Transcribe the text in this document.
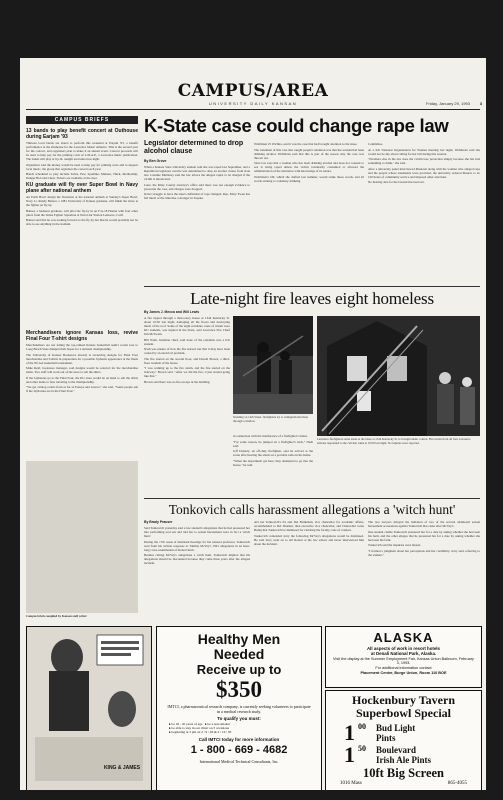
CAMPUS/AREA
UNIVERSITY DAILY KANSAN	Friday, January 29, 1993 3
CAMPUS BRIEFS
13 bands to play benefit concert at Outhouse during Earjam '93

Thirteen local bands are slated to perform this weekend at Earjam '93, a benefit performance at the Outhouse for the Lawrence Music Alliance. This is the second year for the concert, and organizers plan to make it an annual event. Concert proceeds will be used to help pay for the printing costs of L.M.A.P., a Lawrence music publication. The bands will play at 9 p.m. tonight and tomorrow night.

Organizers said the money would be used to help pay for printing costs and to support local music, the group that organizes the concert each year.

Bands scheduled to play include Zebra, Paw, Spudlike, Mahout, Thick, Mothership, Danger Bob and Choir. Tickets are available at the door.

KU graduate will fly over Super Bowl in Navy plane after national anthem

An Earth Bowl design the floatation at the national anthem at Sunday's Super Bowl, Navy Lt. Randy Bansel, a 1981 University of Kansas graduate, will finish the show at the fighter jet fly-by.

Bansel, a business graduate, will pilot the fly-by in an F/A-18 Hornet with four other pilots from the Strike Fighter Squadron at Naval Air Station Lemoore, Calif.

Bansel said that he was looking forward to the fly-by but that he would probably not be able to see anything in the stadium.

Merchandisers ignore Kansas loss, revive Final Four T-shirt designs

Merchandisers are not letting the top-ranked Kansas basketball team's recent loss to Long Beach State dampen their hopes for a national championship.

The University of Kansas Bookstore already is reviewing designs for Final Four merchandise and T-shirts in preparation for a possible Jayhawk appearance at the finals of the NCAA basketball tournament.

Mike Reid, bookstore manager, said designs would be selected for the merchandise items. Two staff will work out of the store to sell the shirts.

If the Jayhawks go to the Final Four, the KU store would be on hand to sell the shirts and other items to fans traveling to the championship.

"We get catalog orders from as far as Europe and Greece," she said. "Some people ask if the Jayhawks are in the Final Four."

Campus briefs compiled by Kansan staff writer
K-State case could change rape law
Legislator determined to drop alcohol clause
By Ben Grove

When a Kansas State University student said she was raped last September, and a Republican legislator said he was determined to drop an alcohol clause from state law. Lateline Mullaney said the law allows the alleged rapist to be charged if the victim is intoxicated.

Later, the Riley County attorney's office said there was not enough evidence to prosecute the case, and charges were dropped.

In her struggle to have the state's definition of rape changed, Rep. Mary Ewen has felt much of the time like a stranger in Topeka.

Wohlitzen 25 Wichita, said it was the case that had brought attention to the issue.

The statement of this case that caught people's attention was that the woman had been drinking alcohol. Wohlitzen said that this is part of the reason why the case was thrown out.

State law says that a woman who has been drinking alcohol and does not consent to sex is being raped unless the victim voluntarily consumed or allowed the administration of the substance with knowledge of its nature.

Wohlitzen's bill, which she drafted last summer, would strike those words, and all words relating to voluntary drinking.

Committee.

At a KU National Organization for Women meeting last night, Wohlitzen said she would not be shy about calling for her bill during this session.

"Nowhere else in the law does the victim lose protection simply because she has had something to drink," she said.

After a university panel interviewed Maureen along with the woman who alleged rape and the people whose statements were provided, the university ordered Maurer to do 100 hours of community service and imposed other sanctions.

No hearing date for the lawsuit has been set.

Late-night fire leaves eight homeless
By James J. Mecca and Will Lewis

A fire ripped through a three-story house at 1344 Kentucky St. about 10:50 last night, damaging all the floors and destroying much of the roof. Some of the eight residents, none of whom were KU students, was injured in the blaze, said Lawrence Fire Chief Jim McSwain.

Bill Nash, battalion chief, said none of the residents was a KU student.

Nash was unsure of how the fire started, but that it may have been caused by an electrical problem.

The fire started on the second floor, and Darrell Brown, a third-floor resident of the house.

"I was walking up to the fire alarm, and the fire started on the stairway," Brown said. "After we did the fire, it just started going like that."

Brown said there was no fire escape in the building.

Standing on 14th Street, firefighters try to extinguish the blaze through a window.

in connection with the interference of a firefighter's duties.

"For some reason, he jumped on a firefighter's back," Nash said.

Jeff Doherty, an off-duty firefighter, said he arrived at the scene after hearing the alarm on a portable radio in his home.

"When the department got here, they attempted to go into the house," he said.

Lawrence firefighters stand aside as the blaze at 1344 Kentucky St. is brought under control. Fire trucks from all four Lawrence stations responded to the call that came at 10:50 last night. No injuries were reported.
Tonkovich calls harassment allegations a 'witch hunt'
By Brady Prauser

Said Tonkovich yesterday said a law student's allegations that he had pressured her into performing oral sex and told her to sexual harassment were in fact a 'witch hunt.'

During the 17th week of dismissal hearings for his tenured professor, Tonkovich read from his written response to Tammy McVey's 1991 allegations in an hour-long cross-examination of Robert Roth.

Besides calling McVey's allegations a witch hunt, Tonkovich implied that his allegations should be discounted because they came three years after the alleged incident.

and not Tonkovich's Ex and Del Brinkman, vice chancellor for academic affairs, recommended to Del Shankel, then executive vice chancellor, and Chancellor Gene Budig that Tonkovich be dismissed for violating the faculty code of conduct.

Tonkovich contended Jerry the following McVey's allegations would be dismissed. He said Jerry went on to tell Robert at the law school and never interviewed him about the incident.

The two lawyers delayed the initiation of two of the several additional sexual harassment accusations against Tonkovich that came after McVey's.

One student claims Tonkovich pressured her for a date by asking whether she had seen his farm, and the other alleges that he pressured her for a date by asking whether she had seen his farm.

Tonkovich said the inquiries were biased.

"I formed a judgment about her perceptions and her credibility. Jerry said, referring to the student."

KING & JAMES
Healthy Men
Needed
Receive up to
$350
IMTCI, a pharmaceutical research company, is currently seeking volunteers to participate in a medical research study.
To qualify you must:
▸ be 18 - 45 years of age   ▸ be a non-smoker
▸ be able to stay in our clinic on 3 occasions
▸ beginning at 3 pm on 2 / 9 / 93 & 2 / 16 / 93
Call IMTCI today for more information
1 - 800 - 669 - 4682
International Medical Technical Consultants, Inc.
ALASKA
All aspects of work in resort hotels
at Denali National Park, Alaska.
Visit the display at the Summer Employment Fair, Kansas Union Ballroom, February 3, 1993.
For additional information contact
Placement Center, Burge Union, Room 110 BOE
Hockenbury Tavern
Superbowl Special
1 00 Bud Light
Pints
1 50 Boulevard
Irish Ale Pints
10ft Big Screen
1016 Mass	865-4055
